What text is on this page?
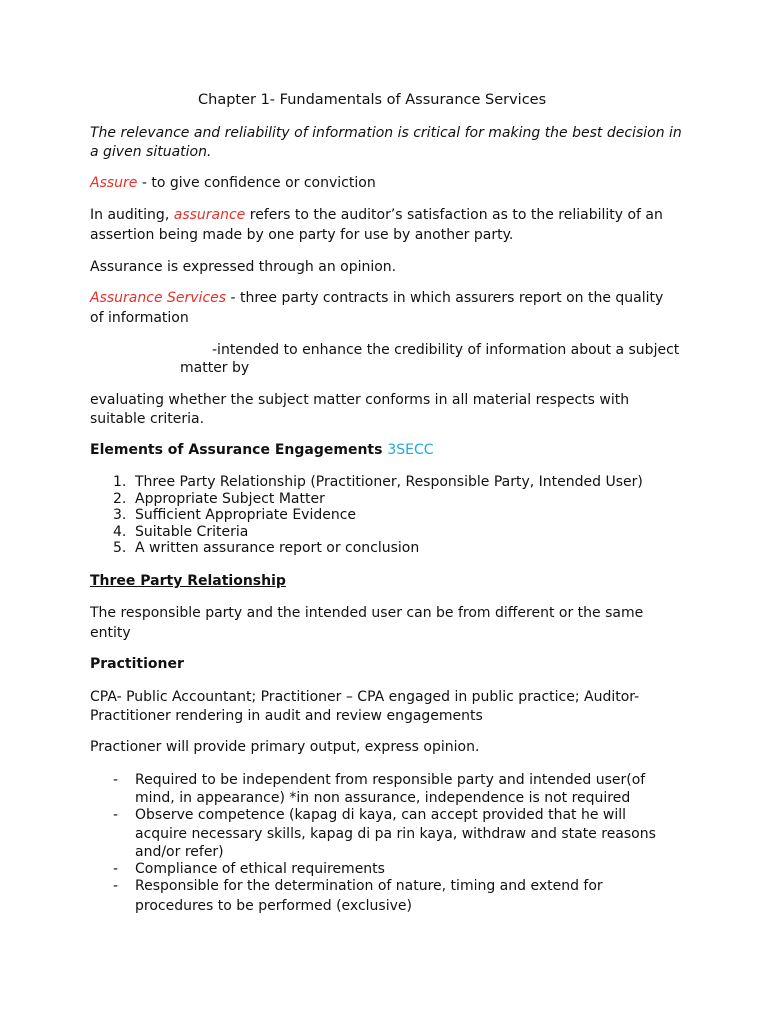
Chapter 1- Fundamentals of Assurance Services
The relevance and reliability of information is critical for making the best decision in
a given situation.
Assure - to give confidence or conviction
In auditing, assurance refers to the auditor’s satisfaction as to the reliability of an
assertion being made by one party for use by another party.
Assurance is expressed through an opinion.
Assurance Services - three party contracts in which assurers report on the quality
of information
-intended to enhance the credibility of information about a subject
matter by
evaluating whether the subject matter conforms in all material respects with
suitable criteria.
Elements of Assurance Engagements 3SECC
1. Three Party Relationship (Practitioner, Responsible Party, Intended User)
2. Appropriate Subject Matter
3. Sufficient Appropriate Evidence
4. Suitable Criteria
5. A written assurance report or conclusion
Three Party Relationship
The responsible party and the intended user can be from different or the same
entity
Practitioner
CPA- Public Accountant; Practitioner – CPA engaged in public practice; Auditor-
Practitioner rendering in audit and review engagements
Practioner will provide primary output, express opinion.
- Required to be independent from responsible party and intended user(of
mind, in appearance) *in non assurance, independence is not required
- Observe competence (kapag di kaya, can accept provided that he will
acquire necessary skills, kapag di pa rin kaya, withdraw and state reasons
and/or refer)
- Compliance of ethical requirements
- Responsible for the determination of nature, timing and extend for
procedures to be performed (exclusive)
